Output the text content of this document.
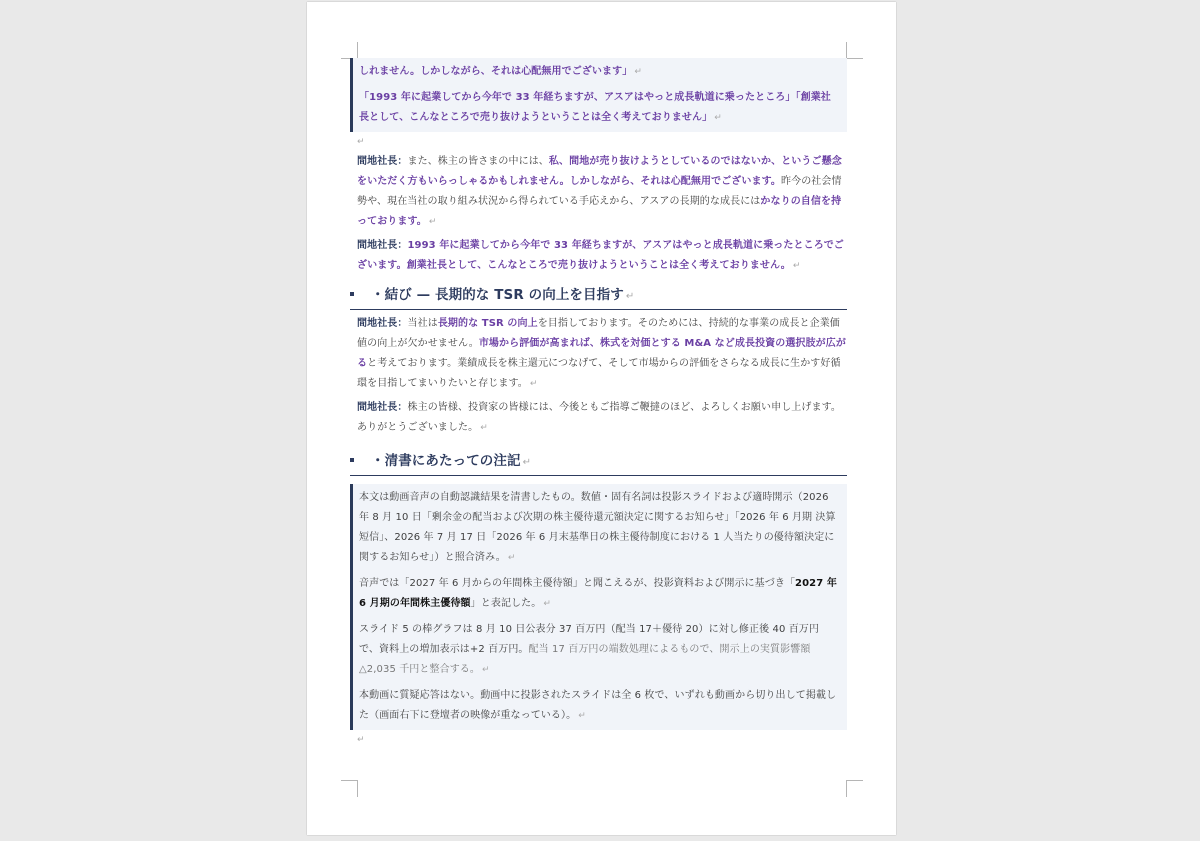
しれません。しかしながら、それは心配無用でございます」 ↵

「1993 年に起業してから今年で 33 年経ちますが、アスアはやっと成長軌道に乗ったところ」「創業社長として、こんなところで売り抜けようということは全く考えておりません」 ↵

↵

間地社長：また、株主の皆さまの中には、私、間地が売り抜けようとしているのではないか、というご懸念をいただく方もいらっしゃるかもしれません。しかしながら、それは心配無用でございます。昨今の社会情勢や、現在当社の取り組み状況から得られている手応えから、アスアの長期的な成長にはかなりの自信を持っております。 ↵

間地社長：1993 年に起業してから今年で 33 年経ちますが、アスアはやっと成長軌道に乗ったところでございます。創業社長として、こんなところで売り抜けようということは全く考えておりません。 ↵

・結び — 長期的な TSR の向上を目指す ↵

間地社長：当社は長期的な TSR の向上を目指しております。そのためには、持続的な事業の成長と企業価値の向上が欠かせません。市場から評価が高まれば、株式を対価とする M&A など成長投資の選択肢が広がると考えております。業績成長を株主還元につなげて、そして市場からの評価をさらなる成長に生かす好循環を目指してまいりたいと存じます。 ↵

間地社長：株主の皆様、投資家の皆様には、今後ともご指導ご鞭撻のほど、よろしくお願い申し上げます。ありがとうございました。 ↵

・清書にあたっての注記 ↵

本文は動画音声の自動認識結果を清書したもの。数値・固有名詞は投影スライドおよび適時開示（2026 年 8 月 10 日「剰余金の配当および次期の株主優待還元額決定に関するお知らせ」「2026 年 6 月期 決算短信」、2026 年 7 月 17 日「2026 年 6 月末基準日の株主優待制度における 1 人当たりの優待額決定に関するお知らせ」）と照合済み。 ↵

音声では「2027 年 6 月からの年間株主優待額」と聞こえるが、投影資料および開示に基づき「2027 年 6 月期の年間株主優待額」と表記した。 ↵

スライド 5 の棒グラフは 8 月 10 日公表分 37 百万円（配当 17＋優待 20）に対し修正後 40 百万円で、資料上の増加表示は+2 百万円。配当 17 百万円の端数処理によるもので、開示上の実質影響額△2,035 千円と整合する。 ↵

本動画に質疑応答はない。動画中に投影されたスライドは全 6 枚で、いずれも動画から切り出して掲載した（画面右下に登壇者の映像が重なっている）。 ↵

↵
